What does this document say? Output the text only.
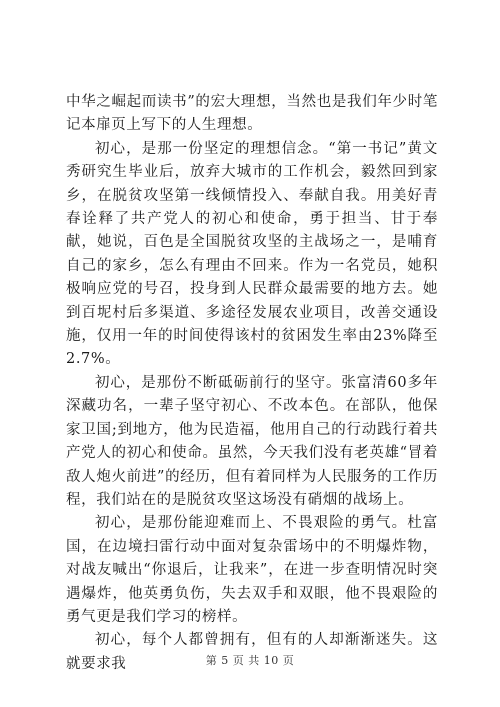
中华之崛起而读书”的宏大理想，当然也是我们年少时笔记本扉页上写下的人生理想。

初心，是那一份坚定的理想信念。“第一书记”黄文秀研究生毕业后，放弃大城市的工作机会，毅然回到家乡，在脱贫攻坚第一线倾情投入、奉献自我。用美好青春诠释了共产党人的初心和使命，勇于担当、甘于奉献，她说，百色是全国脱贫攻坚的主战场之一，是哺育自己的家乡，怎么有理由不回来。作为一名党员，她积极响应党的号召，投身到人民群众最需要的地方去。她到百坭村后多渠道、多途径发展农业项目，改善交通设施，仅用一年的时间使得该村的贫困发生率由23%降至2.7%。

初心，是那份不断砥砺前行的坚守。张富清60多年深藏功名，一辈子坚守初心、不改本色。在部队，他保家卫国;到地方，他为民造福，他用自己的行动践行着共产党人的初心和使命。虽然，今天我们没有老英雄“冒着敌人炮火前进”的经历，但有着同样为人民服务的工作历程，我们站在的是脱贫攻坚这场没有硝烟的战场上。

初心，是那份能迎难而上、不畏艰险的勇气。杜富国，在边境扫雷行动中面对复杂雷场中的不明爆炸物，对战友喊出“你退后，让我来”，在进一步查明情况时突遇爆炸，他英勇负伤，失去双手和双眼，他不畏艰险的勇气更是我们学习的榜样。

初心，每个人都曾拥有，但有的人却渐渐迷失。这就要求我	第 5 页 共 10 页
